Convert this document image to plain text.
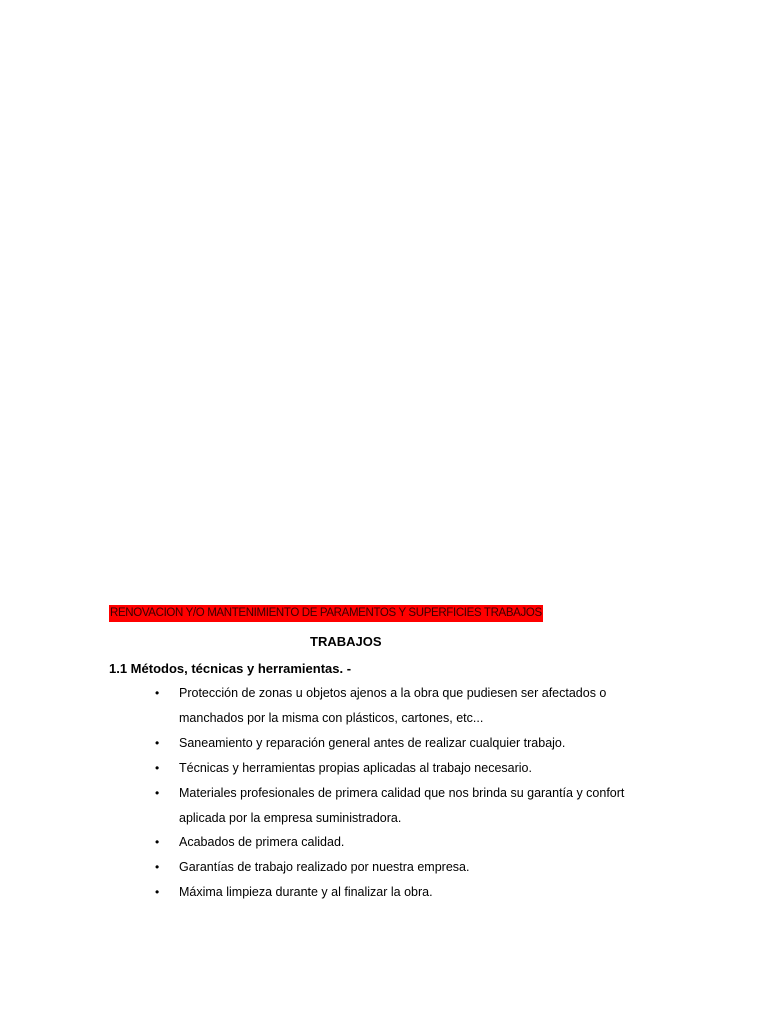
RENOVACION Y/O MANTENIMIENTO DE PARAMENTOS Y SUPERFICIES TRABAJOS
TRABAJOS
1.1 Métodos, técnicas y herramientas. -
•	Protección de zonas u objetos ajenos a la obra que pudiesen ser afectados o manchados por la misma con plásticos, cartones, etc...
•	Saneamiento y reparación general antes de realizar cualquier trabajo.
•	Técnicas y herramientas propias aplicadas al trabajo necesario.
•	Materiales profesionales de primera calidad que nos brinda su garantía y confort aplicada por la empresa suministradora.
•	Acabados de primera calidad.
•	Garantías de trabajo realizado por nuestra empresa.
•	Máxima limpieza durante y al finalizar la obra.
